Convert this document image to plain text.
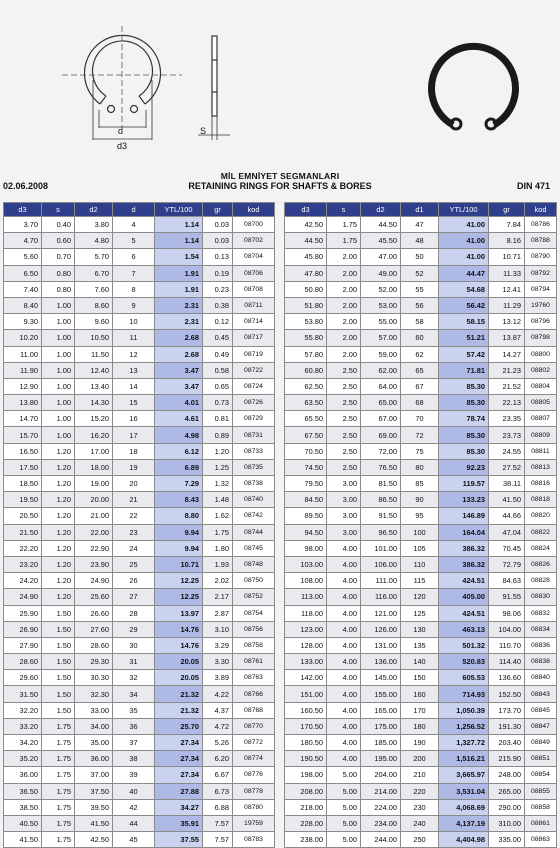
d
d3
S
MİL EMNİYET SEGMANLARI
02.06.2008	RETAINING RINGS FOR SHAFTS & BORES	DIN 471
d3	s	d2	d	YTL/100	gr	kod
3.70	0.40	3.80	4	1.14	0.03	08700
4.70	0.60	4.80	5	1.14	0.03	08702
5.60	0.70	5.70	6	1.54	0.13	08704
6.50	0.80	6.70	7	1.91	0.19	08706
7.40	0.80	7.60	8	1.91	0.23	08708
8.40	1.00	8.60	9	2.31	0.38	08711
9.30	1.00	9.60	10	2.31	0.12	08714
10.20	1.00	10.50	11	2.68	0.45	08717
11.00	1.00	11.50	12	2.68	0.49	08719
11.90	1.00	12.40	13	3.47	0.58	08722
12.90	1.00	13.40	14	3.47	0.65	08724
13.80	1.00	14.30	15	4.01	0.73	08726
14.70	1.00	15.20	16	4.61	0.81	08729
15.70	1.00	16.20	17	4.98	0.89	08731
16.50	1.20	17.00	18	6.12	1.20	08733
17.50	1.20	18.00	19	6.89	1.25	08735
18.50	1.20	19.00	20	7.29	1.32	08738
19.50	1.20	20.00	21	8.43	1.48	08740
20.50	1.20	21.00	22	8.80	1.62	08742
21.50	1.20	22.00	23	9.94	1.75	08744
22.20	1.20	22.90	24	9.94	1.80	08745
23.20	1.20	23.90	25	10.71	1.93	08748
24.20	1.20	24.90	26	12.25	2.02	08750
24.90	1.20	25.60	27	12.25	2.17	08752
25.90	1.50	26.60	28	13.97	2.87	08754
26.90	1.50	27.60	29	14.76	3.10	08756
27.90	1.50	28.60	30	14.76	3.29	08758
28.60	1.50	29.30	31	20.05	3.30	08761
29.60	1.50	30.30	32	20.05	3.89	08763
31.50	1.50	32.30	34	21.32	4.22	08766
32.20	1.50	33.00	35	21.32	4.37	08768
33.20	1.75	34.00	36	25.70	4.72	08770
34.20	1.75	35.00	37	27.34	5.26	08772
35.20	1.75	36.00	38	27.34	6.20	08774
36.00	1.75	37.00	39	27.34	6.67	08776
36.50	1.75	37.50	40	27.88	6.73	08778
38.50	1.75	39.50	42	34.27	6.88	08780
40.50	1.75	41.50	44	35.91	7.57	19759
41.50	1.75	42.50	45	37.55	7.57	08783
d3	s	d2	d1	YTL/100	gr	kod
42.50	1.75	44.50	47	41.00	7.84	08786
44.50	1.75	45.50	48	41.00	8.16	08788
45.80	2.00	47.00	50	41.00	10.71	08790
47.80	2.00	49.00	52	44.47	11.33	08792
50.80	2.00	52.00	55	54.68	12.41	08794
51.80	2.00	53.00	56	56.42	11.29	19760
53.80	2.00	55.00	58	58.15	13.12	08796
55.80	2.00	57.00	60	51.21	13.87	08798
57.80	2.00	59.00	62	57.42	14.27	08800
60.80	2.50	62.00	65	71.81	21.23	08802
62.50	2.50	64.00	67	85.30	21.52	08804
63.50	2.50	65.00	68	85.30	22.13	08805
65.50	2.50	67.00	70	78.74	23.35	08807
67.50	2.50	69.00	72	85.30	23.73	08809
70.50	2.50	72.00	75	85.30	24.55	08811
74.50	2.50	76.50	80	92.23	27.52	08813
79.50	3.00	81.50	85	119.57	38.11	08816
84.50	3.00	86.50	90	133.23	41.50	08818
89.50	3.00	91.50	95	146.89	44.66	08820
94.50	3.00	96.50	100	164.04	47.04	08822
98.00	4.00	101.00	105	386.32	70.45	08824
103.00	4.00	106.00	110	386.32	72.79	08826
108.00	4.00	111.00	115	424.51	84.63	08828
113.00	4.00	116.00	120	405.00	91.55	08830
118.00	4.00	121.00	125	424.51	98.06	08832
123.00	4.00	126.00	130	463.13	104.00	08834
128.00	4.00	131.00	135	501.32	110.70	08836
133.00	4.00	136.00	140	520.83	114.40	08838
142.00	4.00	145.00	150	605.53	136.60	08840
151.00	4.00	155.00	160	714.93	152.50	08843
160.50	4.00	165.00	170	1,050.39	173.70	08845
170.50	4.00	175.00	180	1,256.52	191.30	08847
180.50	4.00	185.00	190	1,327.72	203.40	08849
190.50	4.00	195.00	200	1,516.21	215.90	08851
198.00	5.00	204.00	210	3,665.97	248.00	08854
208.00	5.00	214.00	220	3,531.04	265.00	08855
218.00	5.00	224.00	230	4,068.69	290.00	08858
228.00	5.00	234.00	240	4,137.19	310.00	08861
238.00	5.00	244.00	250	4,404.98	335.00	08863
